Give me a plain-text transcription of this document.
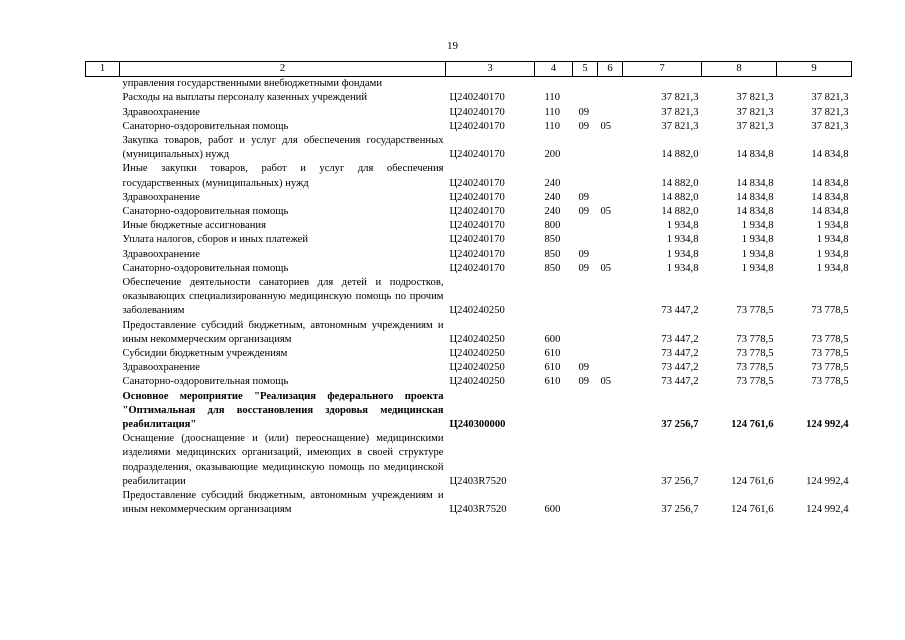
19
1	2	3	4	5	6	7	8	9
	управления государственными внебюджетными фондами							
	Расходы на выплаты персоналу казенных учреждений	Ц240240170	110			37 821,3	37 821,3	37 821,3
	Здравоохранение	Ц240240170	110	09		37 821,3	37 821,3	37 821,3
	Санаторно-оздоровительная помощь	Ц240240170	110	09	05	37 821,3	37 821,3	37 821,3
	Закупка товаров, работ и услуг для обеспечения государственных (муниципальных) нужд	Ц240240170	200			14 882,0	14 834,8	14 834,8
	Иные закупки товаров, работ и услуг для обеспечения государственных (муниципальных) нужд	Ц240240170	240			14 882,0	14 834,8	14 834,8
	Здравоохранение	Ц240240170	240	09		14 882,0	14 834,8	14 834,8
	Санаторно-оздоровительная помощь	Ц240240170	240	09	05	14 882,0	14 834,8	14 834,8
	Иные бюджетные ассигнования	Ц240240170	800			1 934,8	1 934,8	1 934,8
	Уплата налогов, сборов и иных платежей	Ц240240170	850			1 934,8	1 934,8	1 934,8
	Здравоохранение	Ц240240170	850	09		1 934,8	1 934,8	1 934,8
	Санаторно-оздоровительная помощь	Ц240240170	850	09	05	1 934,8	1 934,8	1 934,8
	Обеспечение деятельности санаториев для детей и подростков, оказывающих специализированную медицинскую помощь по прочим заболеваниям	Ц240240250				73 447,2	73 778,5	73 778,5
	Предоставление субсидий бюджетным, автономным учреждениям и иным некоммерческим организациям	Ц240240250	600			73 447,2	73 778,5	73 778,5
	Субсидии бюджетным учреждениям	Ц240240250	610			73 447,2	73 778,5	73 778,5
	Здравоохранение	Ц240240250	610	09		73 447,2	73 778,5	73 778,5
	Санаторно-оздоровительная помощь	Ц240240250	610	09	05	73 447,2	73 778,5	73 778,5
	Основное мероприятие "Реализация федерального проекта "Оптимальная для восстановления здоровья медицинская реабилитация"	Ц240300000				37 256,7	124 761,6	124 992,4
	Оснащение (дооснащение и (или) переоснащение) медицинскими изделиями медицинских организаций, имеющих в своей структуре подразделения, оказывающие медицинскую помощь по медицинской реабилитации	Ц2403R7520				37 256,7	124 761,6	124 992,4
	Предоставление субсидий бюджетным, автономным учреждениям и иным некоммерческим организациям	Ц2403R7520	600			37 256,7	124 761,6	124 992,4
